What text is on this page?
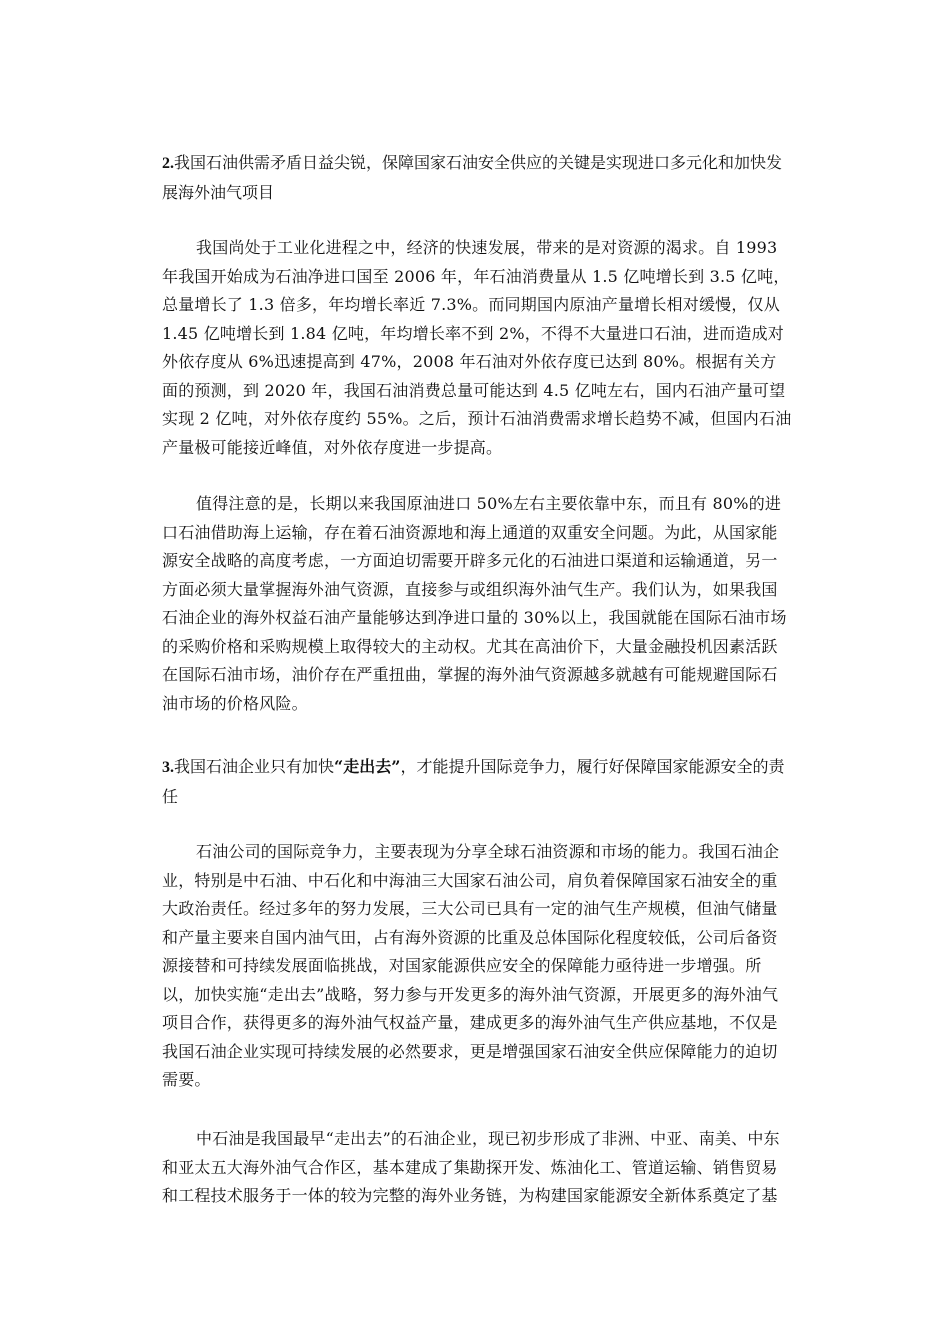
2.我国石油供需矛盾日益尖锐，保障国家石油安全供应的关键是实现进口多元化和加快发展海外油气项目
我国尚处于工业化进程之中，经济的快速发展，带来的是对资源的渴求。自 1993 年我国开始成为石油净进口国至 2006 年，年石油消费量从 1.5 亿吨增长到 3.5 亿吨，总量增长了 1.3 倍多，年均增长率近 7.3%。而同期国内原油产量增长相对缓慢，仅从 1.45 亿吨增长到 1.84 亿吨，年均增长率不到 2%，不得不大量进口石油，进而造成对外依存度从 6%迅速提高到 47%，2008 年石油对外依存度已达到 80%。根据有关方面的预测，到 2020 年，我国石油消费总量可能达到 4.5 亿吨左右，国内石油产量可望实现 2 亿吨，对外依存度约 55%。之后，预计石油消费需求增长趋势不减，但国内石油产量极可能接近峰值，对外依存度进一步提高。
值得注意的是，长期以来我国原油进口 50%左右主要依靠中东，而且有 80%的进口石油借助海上运输，存在着石油资源地和海上通道的双重安全问题。为此，从国家能源安全战略的高度考虑，一方面迫切需要开辟多元化的石油进口渠道和运输通道，另一方面必须大量掌握海外油气资源，直接参与或组织海外油气生产。我们认为，如果我国石油企业的海外权益石油产量能够达到净进口量的 30%以上，我国就能在国际石油市场的采购价格和采购规模上取得较大的主动权。尤其在高油价下，大量金融投机因素活跃在国际石油市场，油价存在严重扭曲，掌握的海外油气资源越多就越有可能规避国际石油市场的价格风险。
3.我国石油企业只有加快“走出去”，才能提升国际竞争力，履行好保障国家能源安全的责任
石油公司的国际竞争力，主要表现为分享全球石油资源和市场的能力。我国石油企业，特别是中石油、中石化和中海油三大国家石油公司，肩负着保障国家石油安全的重大政治责任。经过多年的努力发展，三大公司已具有一定的油气生产规模，但油气储量和产量主要来自国内油气田，占有海外资源的比重及总体国际化程度较低，公司后备资源接替和可持续发展面临挑战，对国家能源供应安全的保障能力亟待进一步增强。所以，加快实施“走出去”战略，努力参与开发更多的海外油气资源，开展更多的海外油气项目合作，获得更多的海外油气权益产量，建成更多的海外油气生产供应基地，不仅是我国石油企业实现可持续发展的必然要求，更是增强国家石油安全供应保障能力的迫切需要。
中石油是我国最早“走出去”的石油企业，现已初步形成了非洲、中亚、南美、中东和亚太五大海外油气合作区，基本建成了集勘探开发、炼油化工、管道运输、销售贸易和工程技术服务于一体的较为完整的海外业务链，为构建国家能源安全新体系奠定了基
